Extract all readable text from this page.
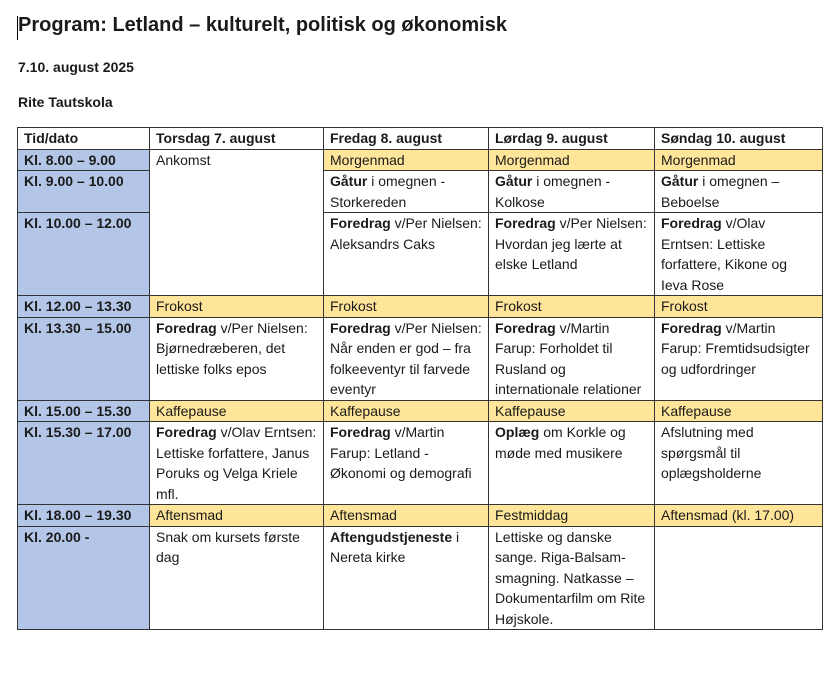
Program: Letland – kulturelt, politisk og økonomisk
7.10. august 2025
Rite Tautskola
Tid/dato	Torsdag 7. august	Fredag 8. august	Lørdag 9. august	Søndag 10. august
Kl. 8.00 – 9.00	Ankomst	Morgenmad	Morgenmad	Morgenmad
Kl. 9.00 – 10.00		Gåtur i omegnen - Storkereden	Gåtur i omegnen - Kolkose	Gåtur i omegnen – Beboelse
Kl. 10.00 – 12.00		Foredrag v/Per Nielsen: Aleksandrs Caks	Foredrag v/Per Nielsen: Hvordan jeg lærte at elske Letland	Foredrag v/Olav Erntsen: Lettiske forfattere, Kikone og Ieva Rose
Kl. 12.00 – 13.30	Frokost	Frokost	Frokost	Frokost
Kl. 13.30 – 15.00	Foredrag v/Per Nielsen: Bjørnedræberen, det lettiske folks epos	Foredrag v/Per Nielsen: Når enden er god – fra folkeeventyr til farvede eventyr	Foredrag v/Martin Farup: Forholdet til Rusland og internationale relationer	Foredrag v/Martin Farup: Fremtidsudsigter og udfordringer
Kl. 15.00 – 15.30	Kaffepause	Kaffepause	Kaffepause	Kaffepause
Kl. 15.30 – 17.00	Foredrag v/Olav Erntsen: Lettiske forfattere, Janus Poruks og Velga Kriele mfl.	Foredrag v/Martin Farup: Letland - Økonomi og demografi	Oplæg om Korkle og møde med musikere	Afslutning med spørgsmål til oplægsholderne
Kl. 18.00 – 19.30	Aftensmad	Aftensmad	Festmiddag	Aftensmad (kl. 17.00)
Kl. 20.00 -	Snak om kursets første dag	Aftengudstjeneste i Nereta kirke	Lettiske og danske sange. Riga-Balsam-smagning. Natkasse – Dokumentarfilm om Rite Højskole.	
